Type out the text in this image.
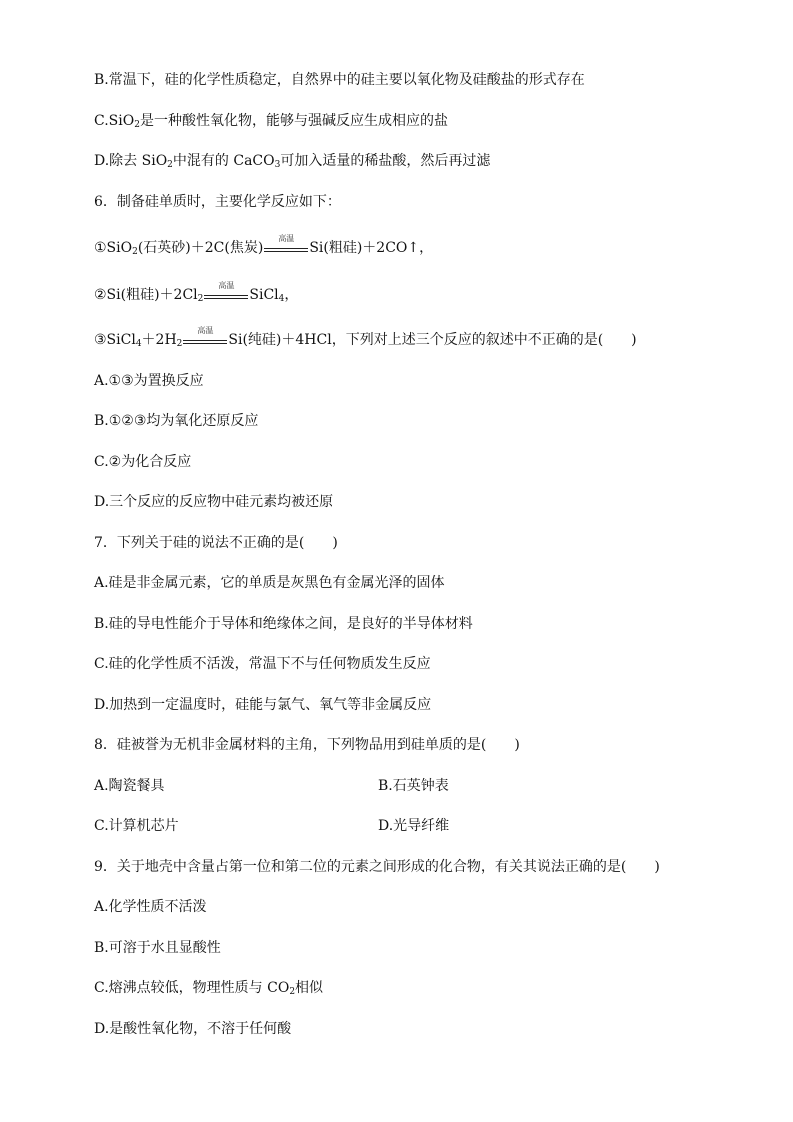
B.常温下，硅的化学性质稳定，自然界中的硅主要以氧化物及硅酸盐的形式存在
C.SiO$_2$是一种酸性氧化物，能够与强碱反应生成相应的盐
D.除去 SiO$_2$中混有的 CaCO$_3$可加入适量的稀盐酸，然后再过滤
6．制备硅单质时，主要化学反应如下：
①SiO$_2$(石英砂)＋2C(焦炭)
高温
Si(粗硅)＋2CO↑，
②Si(粗硅)$+2Cl_2$
高温
SiCl$_4$，
$③SiCl_4+2H_2$
高温
Si(纯硅)＋4HCl，下列对上述三个反应的叙述中不正确的是(　　)
A.①③为置换反应
B.①②③均为氧化还原反应
C.②为化合反应
D.三个反应的反应物中硅元素均被还原
7．下列关于硅的说法不正确的是(　　)
A.硅是非金属元素，它的单质是灰黑色有金属光泽的固体
B.硅的导电性能介于导体和绝缘体之间，是良好的半导体材料
C.硅的化学性质不活泼，常温下不与任何物质发生反应
D.加热到一定温度时，硅能与氯气、氧气等非金属反应
8．硅被誉为无机非金属材料的主角，下列物品用到硅单质的是(　　)
A.陶瓷餐具	B.石英钟表
C.计算机芯片	D.光导纤维
9．关于地壳中含量占第一位和第二位的元素之间形成的化合物，有关其说法正确的是(　　)
A.化学性质不活泼
B.可溶于水且显酸性
C.熔沸点较低，物理性质与 $CO_2$相似
D.是酸性氧化物，不溶于任何酸
